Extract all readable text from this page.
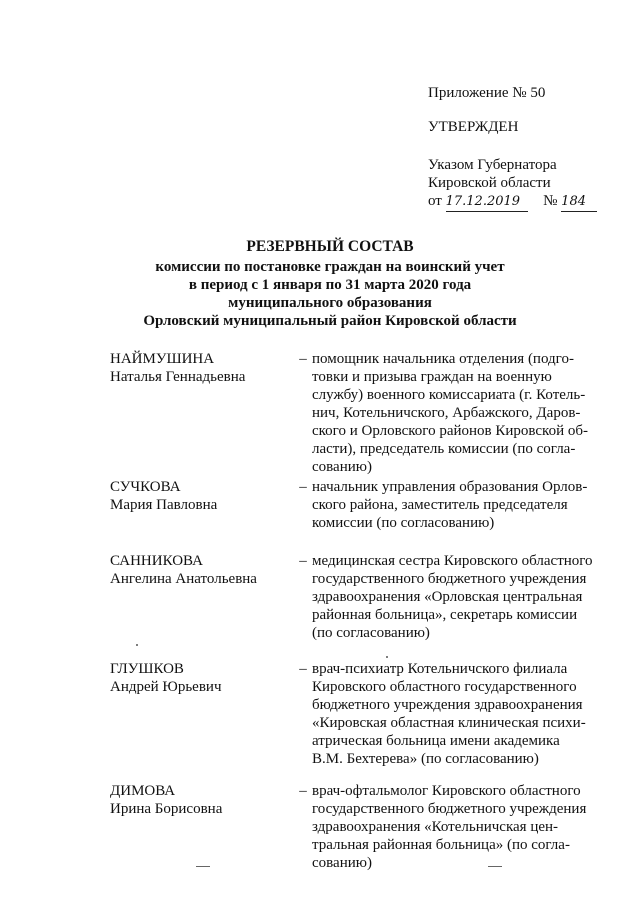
Приложение № 50
УТВЕРЖДЕН
Указом Губернатора
Кировской области
от 17.12.2019 № 184
РЕЗЕРВНЫЙ СОСТАВ
комиссии по постановке граждан на воинский учет
в период с 1 января по 31 марта 2020 года
муниципального образования
Орловский муниципальный район Кировской области
НАЙМУШИНА
Наталья Геннадьевна
– помощник начальника отделения (подго-
товки и призыва граждан на военную
службу) военного комиссариата (г. Котель-
нич, Котельничского, Арбажского, Даров-
ского и Орловского районов Кировской об-
ласти), председатель комиссии (по согла-
сованию)
СУЧКОВА
Мария Павловна
– начальник управления образования Орлов-
ского района, заместитель председателя
комиссии (по согласованию)
САННИКОВА
Ангелина Анатольевна
– медицинская сестра Кировского областного
государственного бюджетного учреждения
здравоохранения «Орловская центральная
районная больница», секретарь комиссии
(по согласованию)
ГЛУШКОВ
Андрей Юрьевич
– врач-психиатр Котельничского филиала
Кировского областного государственного
бюджетного учреждения здравоохранения
«Кировская областная клиническая психи-
атрическая больница имени академика
В.М. Бехтерева» (по согласованию)
ДИМОВА
Ирина Борисовна
– врач-офтальмолог Кировского областного
государственного бюджетного учреждения
здравоохранения «Котельничская цен-
тральная районная больница» (по согла-
сованию)
